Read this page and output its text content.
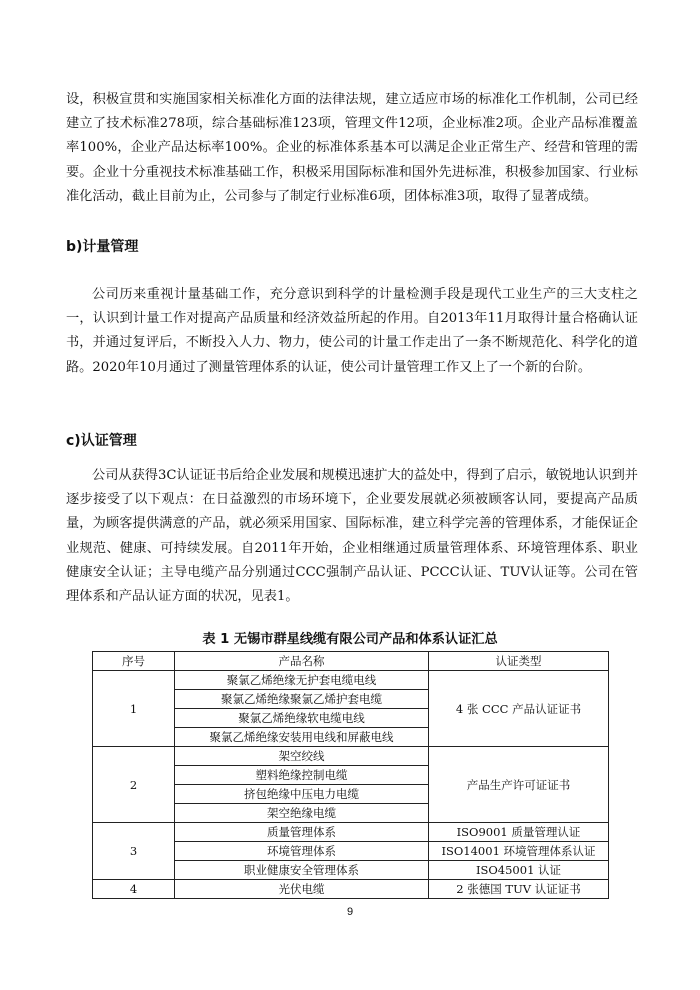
设，积极宣贯和实施国家相关标准化方面的法律法规，建立适应市场的标准化工作机制，公司已经建立了技术标准278项，综合基础标准123项，管理文件12项，企业标准2项。企业产品标准覆盖率100%，企业产品达标率100%。企业的标准体系基本可以满足企业正常生产、经营和管理的需要。企业十分重视技术标准基础工作，积极采用国际标准和国外先进标准，积极参加国家、行业标准化活动，截止目前为止，公司参与了制定行业标准6项，团体标准3项，取得了显著成绩。

b)计量管理

公司历来重视计量基础工作，充分意识到科学的计量检测手段是现代工业生产的三大支柱之一，认识到计量工作对提高产品质量和经济效益所起的作用。自2013年11月取得计量合格确认证书，并通过复评后，不断投入人力、物力，使公司的计量工作走出了一条不断规范化、科学化的道路。2020年10月通过了测量管理体系的认证，使公司计量管理工作又上了一个新的台阶。

c)认证管理

公司从获得3C认证证书后给企业发展和规模迅速扩大的益处中，得到了启示，敏锐地认识到并逐步接受了以下观点：在日益激烈的市场环境下，企业要发展就必须被顾客认同，要提高产品质量，为顾客提供满意的产品，就必须采用国家、国际标准，建立科学完善的管理体系，才能保证企业规范、健康、可持续发展。自2011年开始，企业相继通过质量管理体系、环境管理体系、职业健康安全认证；主导电缆产品分别通过CCC强制产品认证、PCCC认证、TUV认证等。公司在管理体系和产品认证方面的状况，见表1。

表 1 无锡市群星线缆有限公司产品和体系认证汇总

序号	产品名称	认证类型
1	聚氯乙烯绝缘无护套电缆电线	4 张 CCC 产品认证证书
	聚氯乙烯绝缘聚氯乙烯护套电缆	
	聚氯乙烯绝缘软电缆电线	
	聚氯乙烯绝缘安装用电线和屏蔽电线	
2	架空绞线	产品生产许可证证书
	塑料绝缘控制电缆	
	挤包绝缘中压电力电缆	
	架空绝缘电缆	
3	质量管理体系	ISO9001 质量管理认证
	环境管理体系	ISO14001 环境管理体系认证
	职业健康安全管理体系	ISO45001 认证
4	光伏电缆	2 张德国 TUV 认证证书
9
